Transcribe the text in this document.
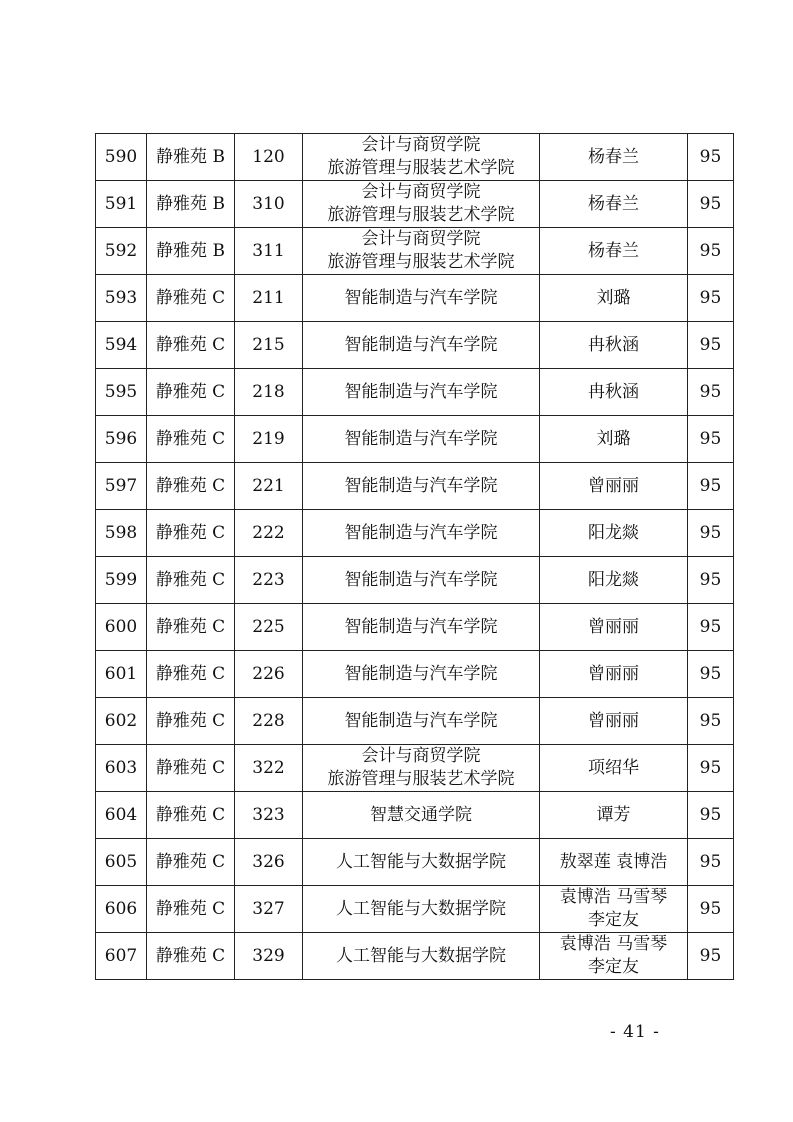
590	静雅苑 B	120	会计与商贸学院
旅游管理与服装艺术学院	杨春兰	95
591	静雅苑 B	310	会计与商贸学院
旅游管理与服装艺术学院	杨春兰	95
592	静雅苑 B	311	会计与商贸学院
旅游管理与服装艺术学院	杨春兰	95
593	静雅苑 C	211	智能制造与汽车学院	刘璐	95
594	静雅苑 C	215	智能制造与汽车学院	冉秋涵	95
595	静雅苑 C	218	智能制造与汽车学院	冉秋涵	95
596	静雅苑 C	219	智能制造与汽车学院	刘璐	95
597	静雅苑 C	221	智能制造与汽车学院	曾丽丽	95
598	静雅苑 C	222	智能制造与汽车学院	阳龙燚	95
599	静雅苑 C	223	智能制造与汽车学院	阳龙燚	95
600	静雅苑 C	225	智能制造与汽车学院	曾丽丽	95
601	静雅苑 C	226	智能制造与汽车学院	曾丽丽	95
602	静雅苑 C	228	智能制造与汽车学院	曾丽丽	95
603	静雅苑 C	322	会计与商贸学院
旅游管理与服装艺术学院	项绍华	95
604	静雅苑 C	323	智慧交通学院	谭芳	95
605	静雅苑 C	326	人工智能与大数据学院	敖翠莲 袁博浩	95
606	静雅苑 C	327	人工智能与大数据学院	袁博浩 马雪琴
李定友	95
607	静雅苑 C	329	人工智能与大数据学院	袁博浩 马雪琴
李定友	95
- 41 -
